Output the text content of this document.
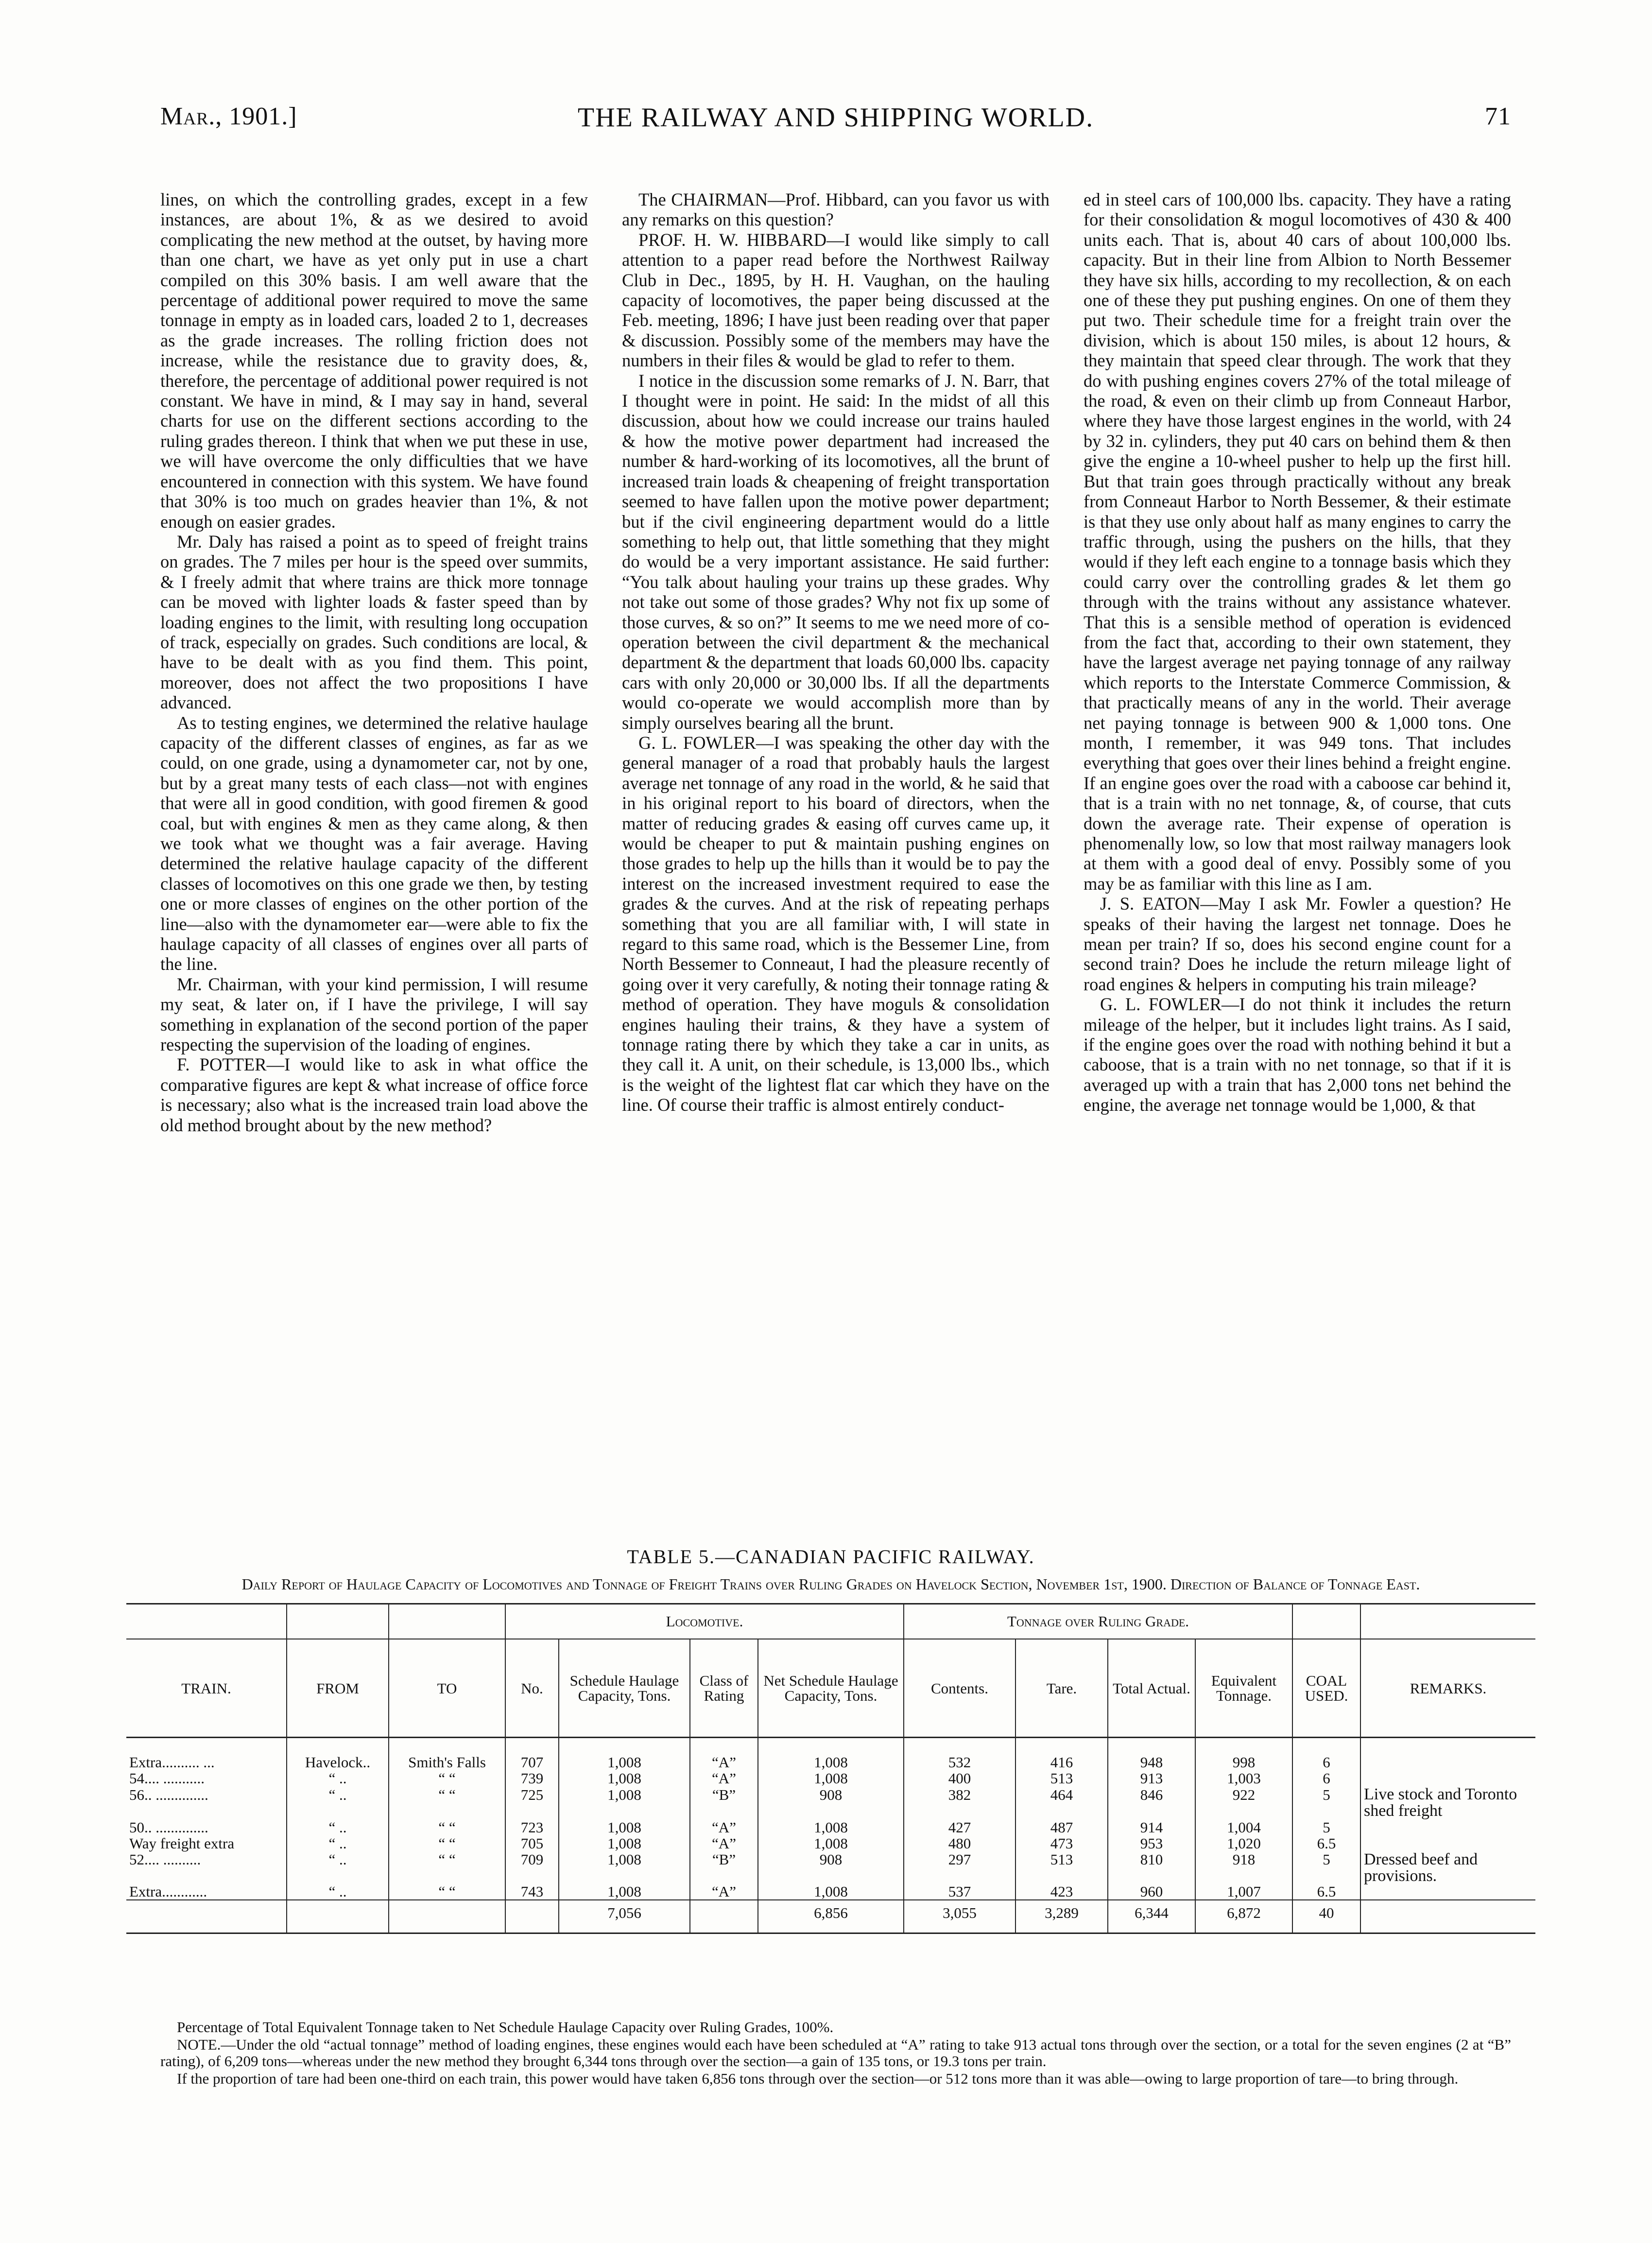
Mar., 1901.]	THE RAILWAY AND SHIPPING WORLD.	71

lines, on which the controlling grades, except in a few instances, are about 1%, & as we desired to avoid complicating the new method at the outset, by having more than one chart, we have as yet only put in use a chart compiled on this 30% basis. I am well aware that the percentage of additional power required to move the same tonnage in empty as in loaded cars, loaded 2 to 1, decreases as the grade increases. The rolling friction does not increase, while the resistance due to gravity does, &, therefore, the percentage of additional power required is not constant. We have in mind, & I may say in hand, several charts for use on the different sections according to the ruling grades thereon. I think that when we put these in use, we will have overcome the only difficulties that we have encountered in connection with this system. We have found that 30% is too much on grades heavier than 1%, & not enough on easier grades.

Mr. Daly has raised a point as to speed of freight trains on grades. The 7 miles per hour is the speed over summits, & I freely admit that where trains are thick more tonnage can be moved with lighter loads & faster speed than by loading engines to the limit, with resulting long occupation of track, especially on grades. Such conditions are local, & have to be dealt with as you find them. This point, moreover, does not affect the two propositions I have advanced.

As to testing engines, we determined the relative haulage capacity of the different classes of engines, as far as we could, on one grade, using a dynamometer car, not by one, but by a great many tests of each class—not with engines that were all in good condition, with good firemen & good coal, but with engines & men as they came along, & then we took what we thought was a fair average. Having determined the relative haulage capacity of the different classes of locomotives on this one grade we then, by testing one or more classes of engines on the other portion of the line—also with the dynamometer ear—were able to fix the haulage capacity of all classes of engines over all parts of the line.

Mr. Chairman, with your kind permission, I will resume my seat, & later on, if I have the privilege, I will say something in explanation of the second portion of the paper respecting the supervision of the loading of engines.

F. POTTER—I would like to ask in what office the comparative figures are kept & what increase of office force is necessary; also what is the increased train load above the old method brought about by the new method?

The CHAIRMAN—Prof. Hibbard, can you favor us with any remarks on this question?

PROF. H. W. HIBBARD—I would like simply to call attention to a paper read before the Northwest Railway Club in Dec., 1895, by H. H. Vaughan, on the hauling capacity of locomotives, the paper being discussed at the Feb. meeting, 1896; I have just been reading over that paper & discussion. Possibly some of the members may have the numbers in their files & would be glad to refer to them.

I notice in the discussion some remarks of J. N. Barr, that I thought were in point. He said: In the midst of all this discussion, about how we could increase our trains hauled & how the motive power department had increased the number & hard-working of its locomotives, all the brunt of increased train loads & cheapening of freight transportation seemed to have fallen upon the motive power department; but if the civil engineering department would do a little something to help out, that little something that they might do would be a very important assistance. He said further: “You talk about hauling your trains up these grades. Why not take out some of those grades? Why not fix up some of those curves, & so on?” It seems to me we need more of co-operation between the civil department & the mechanical department & the department that loads 60,000 lbs. capacity cars with only 20,000 or 30,000 lbs. If all the departments would co-operate we would accomplish more than by simply ourselves bearing all the brunt.

G. L. FOWLER—I was speaking the other day with the general manager of a road that probably hauls the largest average net tonnage of any road in the world, & he said that in his original report to his board of directors, when the matter of reducing grades & easing off curves came up, it would be cheaper to put & maintain pushing engines on those grades to help up the hills than it would be to pay the interest on the increased investment required to ease the grades & the curves. And at the risk of repeating perhaps something that you are all familiar with, I will state in regard to this same road, which is the Bessemer Line, from North Bessemer to Conneaut, I had the pleasure recently of going over it very carefully, & noting their tonnage rating & method of operation. They have moguls & consolidation engines hauling their trains, & they have a system of tonnage rating there by which they take a car in units, as they call it. A unit, on their schedule, is 13,000 lbs., which is the weight of the lightest flat car which they have on the line. Of course their traffic is almost entirely conduct-

ed in steel cars of 100,000 lbs. capacity. They have a rating for their consolidation & mogul locomotives of 430 & 400 units each. That is, about 40 cars of about 100,000 lbs. capacity. But in their line from Albion to North Bessemer they have six hills, according to my recollection, & on each one of these they put pushing engines. On one of them they put two. Their schedule time for a freight train over the division, which is about 150 miles, is about 12 hours, & they maintain that speed clear through. The work that they do with pushing engines covers 27% of the total mileage of the road, & even on their climb up from Conneaut Harbor, where they have those largest engines in the world, with 24 by 32 in. cylinders, they put 40 cars on behind them & then give the engine a 10-wheel pusher to help up the first hill. But that train goes through practically without any break from Conneaut Harbor to North Bessemer, & their estimate is that they use only about half as many engines to carry the traffic through, using the pushers on the hills, that they would if they left each engine to a tonnage basis which they could carry over the controlling grades & let them go through with the trains without any assistance whatever. That this is a sensible method of operation is evidenced from the fact that, according to their own statement, they have the largest average net paying tonnage of any railway which reports to the Interstate Commerce Commission, & that practically means of any in the world. Their average net paying tonnage is between 900 & 1,000 tons. One month, I remember, it was 949 tons. That includes everything that goes over their lines behind a freight engine. If an engine goes over the road with a caboose car behind it, that is a train with no net tonnage, &, of course, that cuts down the average rate. Their expense of operation is phenomenally low, so low that most railway managers look at them with a good deal of envy. Possibly some of you may be as familiar with this line as I am.

J. S. EATON—May I ask Mr. Fowler a question? He speaks of their having the largest net tonnage. Does he mean per train? If so, does his second engine count for a second train? Does he include the return mileage light of road engines & helpers in computing his train mileage?

G. L. FOWLER—I do not think it includes the return mileage of the helper, but it includes light trains. As I said, if the engine goes over the road with nothing behind it but a caboose, that is a train with no net tonnage, so that if it is averaged up with a train that has 2,000 tons net behind the engine, the average net tonnage would be 1,000, & that

TABLE 5.—CANADIAN PACIFIC RAILWAY.
Daily Report of Haulage Capacity of Locomotives and Tonnage of Freight Trains over Ruling Grades on Havelock Section, November 1st, 1900. Direction of Balance of Tonnage East.
			Locomotive.				Tonnage over Ruling Grade.					
TRAIN.	FROM	TO	No.	Schedule Haulage Capacity, Tons.	Class of Rating	Net Schedule Haulage Capacity, Tons.	Contents.	Tare.	Total Actual.	Equivalent Tonnage.	COAL USED.	REMARKS.

Extra.......... ...	Havelock..	Smith's Falls	707	1,008	“A”	1,008	532	416	948	998	6	
54.... ...........	“ ..	“ “	739	1,008	“A”	1,008	400	513	913	1,003	6	
56.. ..............	“ ..	“ “	725	1,008	“B”	908	382	464	846	922	5	Live stock and Toronto shed freight

50.. ..............	“ ..	“ “	723	1,008	“A”	1,008	427	487	914	1,004	5	
Way freight extra	“ ..	“ “	705	1,008	“A”	1,008	480	473	953	1,020	6.5	
52.... ..........	“ ..	“ “	709	1,008	“B”	908	297	513	810	918	5	Dressed beef and provisions.

Extra............	“ ..	“ “	743	1,008	“A”	1,008	537	423	960	1,007	6.5	
				7,056		6,856	3,055	3,289	6,344	6,872	40	

Percentage of Total Equivalent Tonnage taken to Net Schedule Haulage Capacity over Ruling Grades, 100%.

NOTE.—Under the old “actual tonnage” method of loading engines, these engines would each have been scheduled at “A” rating to take 913 actual tons through over the section, or a total for the seven engines (2 at “B” rating), of 6,209 tons—whereas under the new method they brought 6,344 tons through over the section—a gain of 135 tons, or 19.3 tons per train.

If the proportion of tare had been one-third on each train, this power would have taken 6,856 tons through over the section—or 512 tons more than it was able—owing to large proportion of tare—to bring through.
